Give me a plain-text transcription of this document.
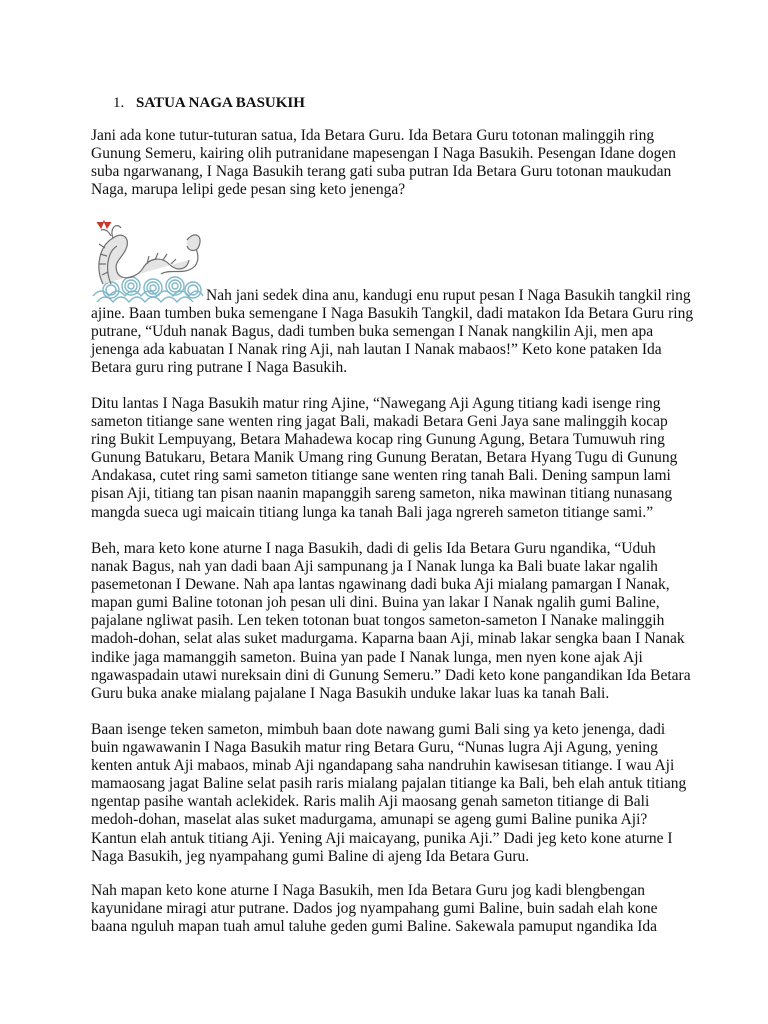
1. SATUA NAGA BASUKIH

Jani ada kone tutur-tuturan satua, Ida Betara Guru. Ida Betara Guru totonan malinggih ring
Gunung Semeru, kairing olih putranidane mapesengan I Naga Basukih. Pesengan Idane dogen
suba ngarwanang, I Naga Basukih terang gati suba putran Ida Betara Guru totonan maukudan
Naga, marupa lelipi gede pesan sing keto jenenga?

Nah jani sedek dina anu, kandugi enu ruput pesan I Naga Basukih tangkil ring
ajine. Baan tumben buka semengane I Naga Basukih Tangkil, dadi matakon Ida Betara Guru ring
putrane, “Uduh nanak Bagus, dadi tumben buka semengan I Nanak nangkilin Aji, men apa
jenenga ada kabuatan I Nanak ring Aji, nah lautan I Nanak mabaos!” Keto kone pataken Ida
Betara guru ring putrane I Naga Basukih.

Ditu lantas I Naga Basukih matur ring Ajine, “Nawegang Aji Agung titiang kadi isenge ring
sameton titiange sane wenten ring jagat Bali, makadi Betara Geni Jaya sane malinggih kocap
ring Bukit Lempuyang, Betara Mahadewa kocap ring Gunung Agung, Betara Tumuwuh ring
Gunung Batukaru, Betara Manik Umang ring Gunung Beratan, Betara Hyang Tugu di Gunung
Andakasa, cutet ring sami sameton titiange sane wenten ring tanah Bali. Dening sampun lami
pisan Aji, titiang tan pisan naanin mapanggih sareng sameton, nika mawinan titiang nunasang
mangda sueca ugi maicain titiang lunga ka tanah Bali jaga ngrereh sameton titiange sami.”

Beh, mara keto kone aturne I naga Basukih, dadi di gelis Ida Betara Guru ngandika, “Uduh
nanak Bagus, nah yan dadi baan Aji sampunang ja I Nanak lunga ka Bali buate lakar ngalih
pasemetonan I Dewane. Nah apa lantas ngawinang dadi buka Aji mialang pamargan I Nanak,
mapan gumi Baline totonan joh pesan uli dini. Buina yan lakar I Nanak ngalih gumi Baline,
pajalane ngliwat pasih. Len teken totonan buat tongos sameton-sameton I Nanake malinggih
madoh-dohan, selat alas suket madurgama. Kaparna baan Aji, minab lakar sengka baan I Nanak
indike jaga mamanggih sameton. Buina yan pade I Nanak lunga, men nyen kone ajak Aji
ngawaspadain utawi nureksain dini di Gunung Semeru.” Dadi keto kone pangandikan Ida Betara
Guru buka anake mialang pajalane I Naga Basukih unduke lakar luas ka tanah Bali.

Baan isenge teken sameton, mimbuh baan dote nawang gumi Bali sing ya keto jenenga, dadi
buin ngawawanin I Naga Basukih matur ring Betara Guru, “Nunas lugra Aji Agung, yening
kenten antuk Aji mabaos, minab Aji ngandapang saha nandruhin kawisesan titiange. I wau Aji
mamaosang jagat Baline selat pasih raris mialang pajalan titiange ka Bali, beh elah antuk titiang
ngentap pasihe wantah aclekidek. Raris malih Aji maosang genah sameton titiange di Bali
medoh-dohan, maselat alas suket madurgama, amunapi se ageng gumi Baline punika Aji?
Kantun elah antuk titiang Aji. Yening Aji maicayang, punika Aji.” Dadi jeg keto kone aturne I
Naga Basukih, jeg nyampahang gumi Baline di ajeng Ida Betara Guru.

Nah mapan keto kone aturne I Naga Basukih, men Ida Betara Guru jog kadi blengbengan
kayunidane miragi atur putrane. Dados jog nyampahang gumi Baline, buin sadah elah kone
baana nguluh mapan tuah amul taluhe geden gumi Baline. Sakewala pamuput ngandika Ida
